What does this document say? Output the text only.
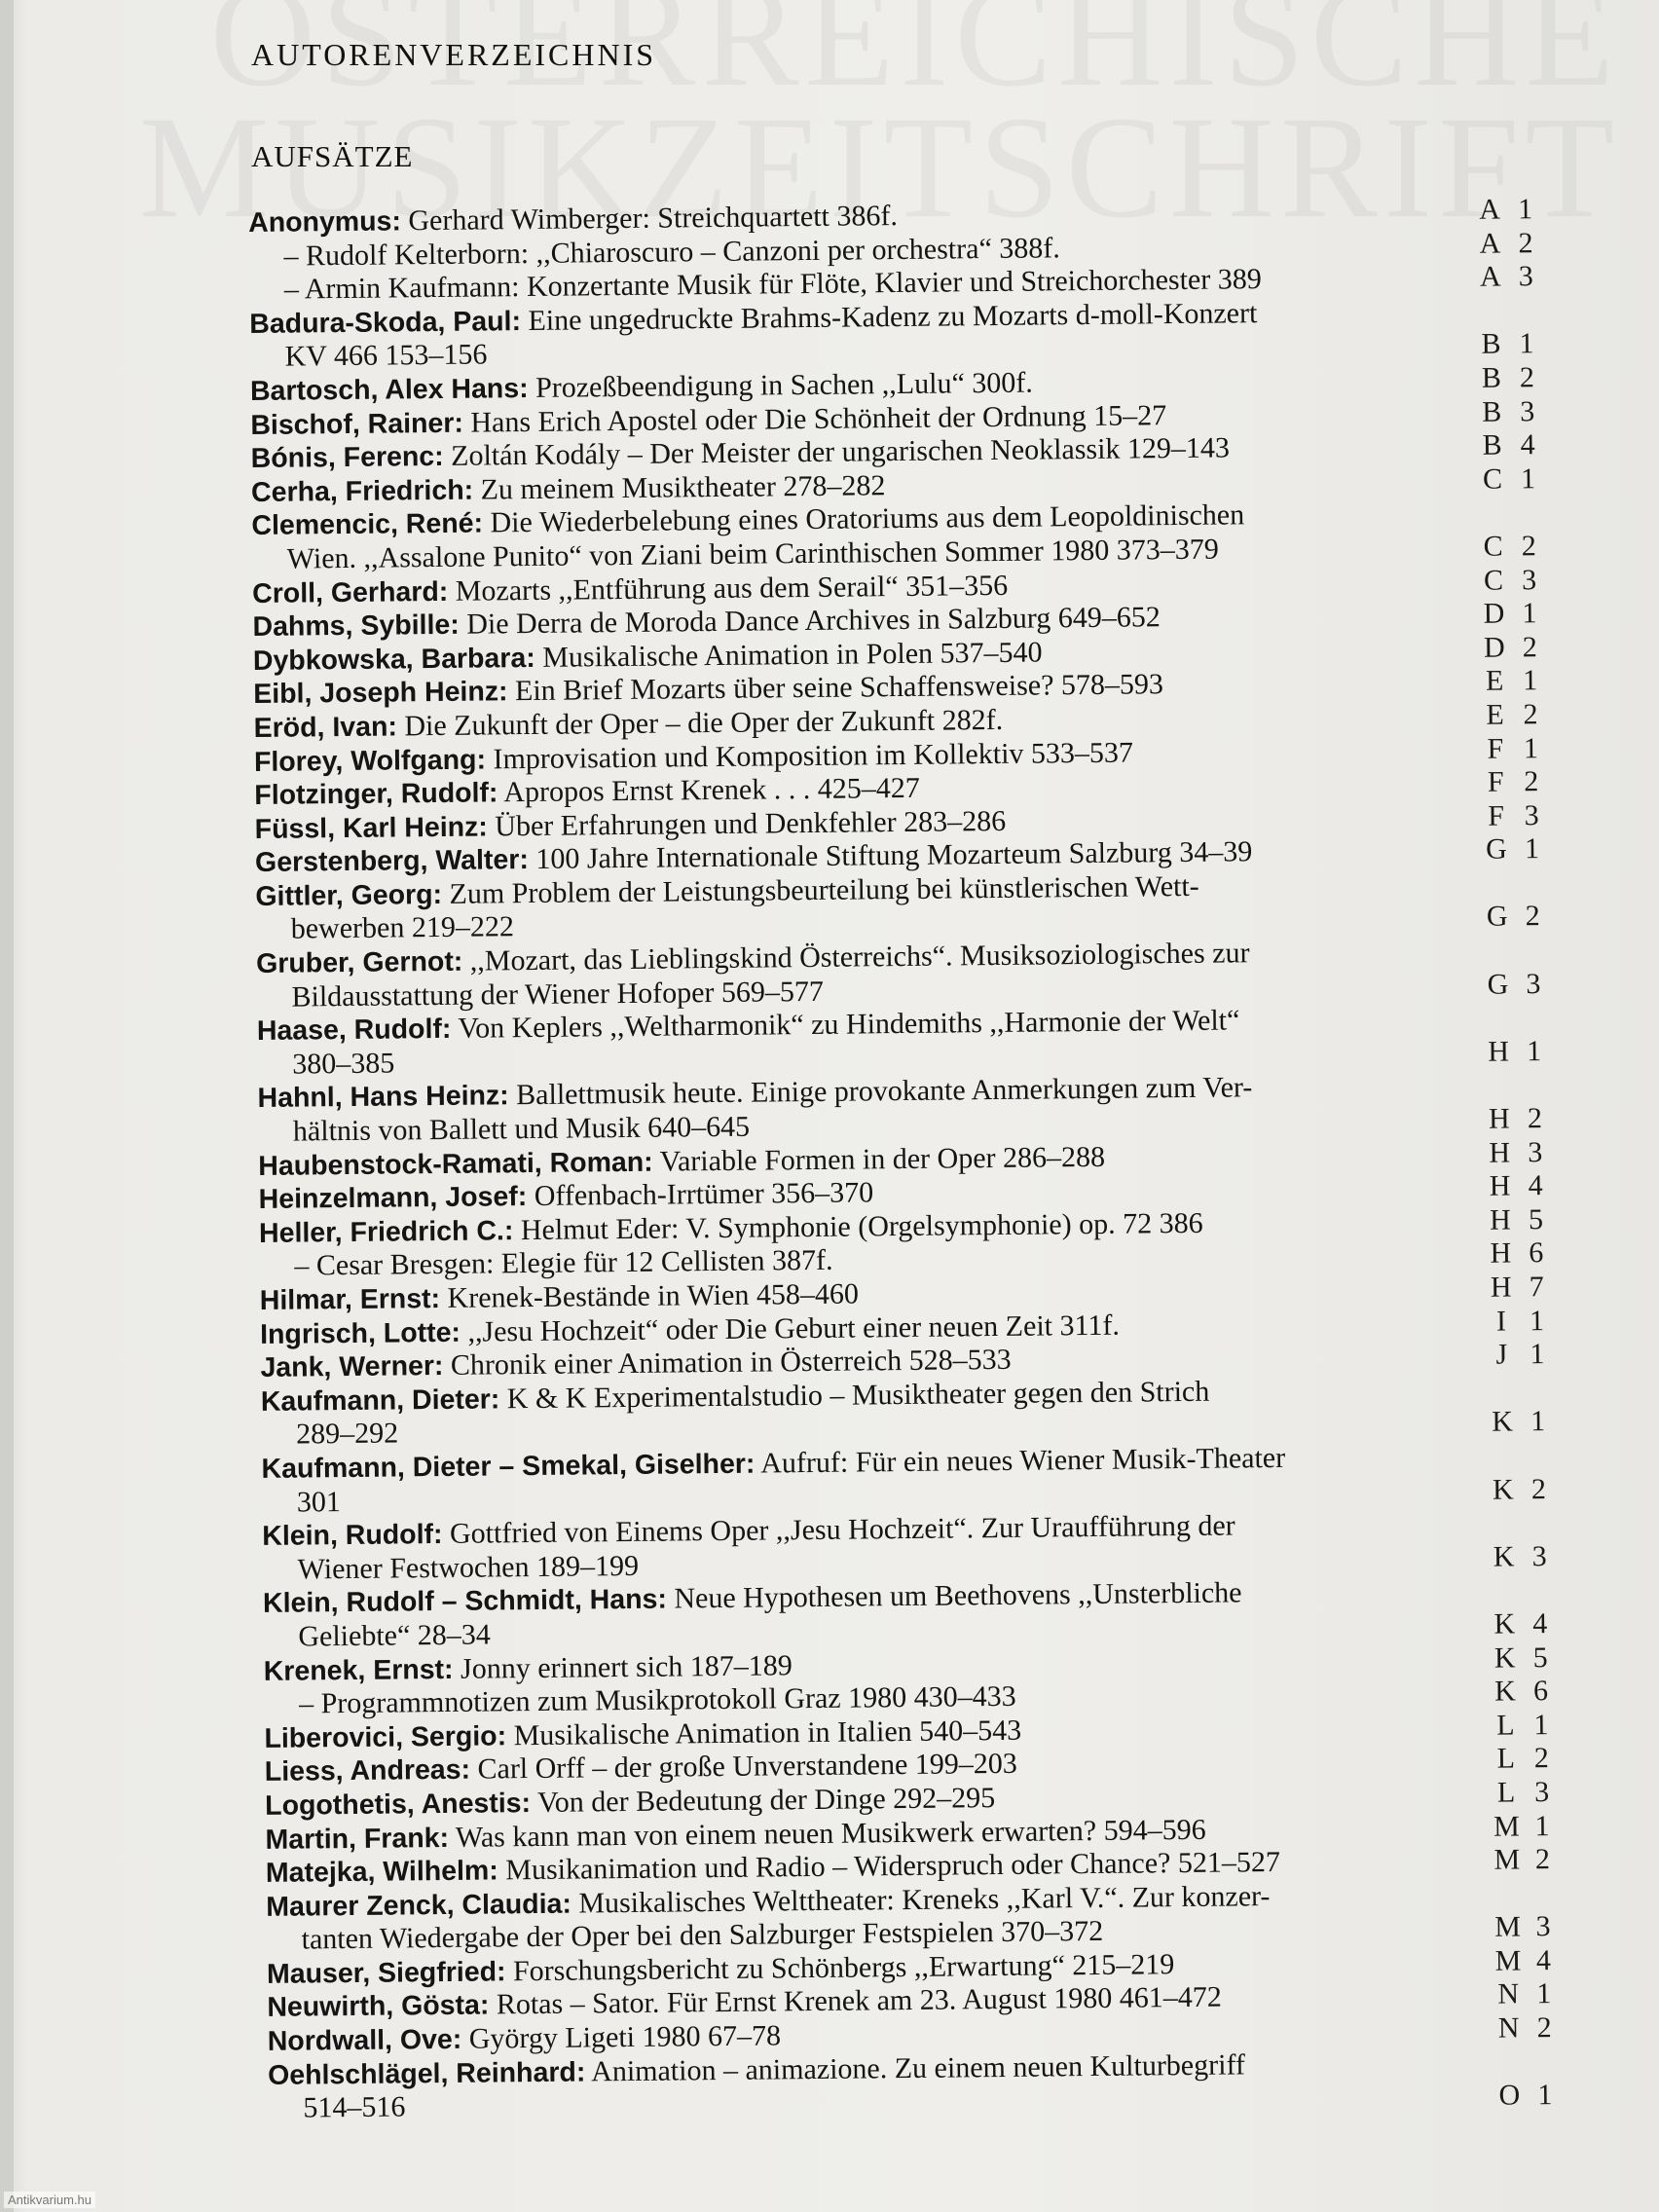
AUTORENVERZEICHNIS
AUFSÄTZE
Anonymus: Gerhard Wimberger: Streichquartett 386f.	A 1
– Rudolf Kelterborn: ,,Chiaroscuro – Canzoni per orchestra“ 388f.	A 2
– Armin Kaufmann: Konzertante Musik für Flöte, Klavier und Streichorchester 389	A 3
Badura-Skoda, Paul: Eine ungedruckte Brahms-Kadenz zu Mozarts d-moll-Konzert
KV 466 153–156	B 1
Bartosch, Alex Hans: Prozeßbeendigung in Sachen ,,Lulu“ 300f.	B 2
Bischof, Rainer: Hans Erich Apostel oder Die Schönheit der Ordnung 15–27	B 3
Bónis, Ferenc: Zoltán Kodály – Der Meister der ungarischen Neoklassik 129–143	B 4
Cerha, Friedrich: Zu meinem Musiktheater 278–282	C 1
Clemencic, René: Die Wiederbelebung eines Oratoriums aus dem Leopoldinischen
Wien. ,,Assalone Punito“ von Ziani beim Carinthischen Sommer 1980 373–379	C 2
Croll, Gerhard: Mozarts ,,Entführung aus dem Serail“ 351–356	C 3
Dahms, Sybille: Die Derra de Moroda Dance Archives in Salzburg 649–652	D 1
Dybkowska, Barbara: Musikalische Animation in Polen 537–540	D 2
Eibl, Joseph Heinz: Ein Brief Mozarts über seine Schaffensweise? 578–593	E 1
Eröd, Ivan: Die Zukunft der Oper – die Oper der Zukunft 282f.	E 2
Florey, Wolfgang: Improvisation und Komposition im Kollektiv 533–537	F 1
Flotzinger, Rudolf: Apropos Ernst Krenek . . . 425–427	F 2
Füssl, Karl Heinz: Über Erfahrungen und Denkfehler 283–286	F 3
Gerstenberg, Walter: 100 Jahre Internationale Stiftung Mozarteum Salzburg 34–39	G 1
Gittler, Georg: Zum Problem der Leistungsbeurteilung bei künstlerischen Wett-
bewerben 219–222	G 2
Gruber, Gernot: ,,Mozart, das Lieblingskind Österreichs“. Musiksoziologisches zur
Bildausstattung der Wiener Hofoper 569–577	G 3
Haase, Rudolf: Von Keplers ,,Weltharmonik“ zu Hindemiths ,,Harmonie der Welt“
380–385	H 1
Hahnl, Hans Heinz: Ballettmusik heute. Einige provokante Anmerkungen zum Ver-
hältnis von Ballett und Musik 640–645	H 2
Haubenstock-Ramati, Roman: Variable Formen in der Oper 286–288	H 3
Heinzelmann, Josef: Offenbach-Irrtümer 356–370	H 4
Heller, Friedrich C.: Helmut Eder: V. Symphonie (Orgelsymphonie) op. 72 386	H 5
– Cesar Bresgen: Elegie für 12 Cellisten 387f.	H 6
Hilmar, Ernst: Krenek-Bestände in Wien 458–460	H 7
Ingrisch, Lotte: ,,Jesu Hochzeit“ oder Die Geburt einer neuen Zeit 311f.	I 1
Jank, Werner: Chronik einer Animation in Österreich 528–533	J 1
Kaufmann, Dieter: K & K Experimentalstudio – Musiktheater gegen den Strich
289–292	K 1
Kaufmann, Dieter – Smekal, Giselher: Aufruf: Für ein neues Wiener Musik-Theater
301	K 2
Klein, Rudolf: Gottfried von Einems Oper ,,Jesu Hochzeit“. Zur Uraufführung der
Wiener Festwochen 189–199	K 3
Klein, Rudolf – Schmidt, Hans: Neue Hypothesen um Beethovens ,,Unsterbliche
Geliebte“ 28–34	K 4
Krenek, Ernst: Jonny erinnert sich 187–189	K 5
– Programmnotizen zum Musikprotokoll Graz 1980 430–433	K 6
Liberovici, Sergio: Musikalische Animation in Italien 540–543	L 1
Liess, Andreas: Carl Orff – der große Unverstandene 199–203	L 2
Logothetis, Anestis: Von der Bedeutung der Dinge 292–295	L 3
Martin, Frank: Was kann man von einem neuen Musikwerk erwarten? 594–596	M 1
Matejka, Wilhelm: Musikanimation und Radio – Widerspruch oder Chance? 521–527	M 2
Maurer Zenck, Claudia: Musikalisches Welttheater: Kreneks ,,Karl V.“. Zur konzer-
tanten Wiedergabe der Oper bei den Salzburger Festspielen 370–372	M 3
Mauser, Siegfried: Forschungsbericht zu Schönbergs ,,Erwartung“ 215–219	M 4
Neuwirth, Gösta: Rotas – Sator. Für Ernst Krenek am 23. August 1980 461–472	N 1
Nordwall, Ove: György Ligeti 1980 67–78	N 2
Oehlschlägel, Reinhard: Animation – animazione. Zu einem neuen Kulturbegriff
514–516	O 1
Antikvarium.hu
